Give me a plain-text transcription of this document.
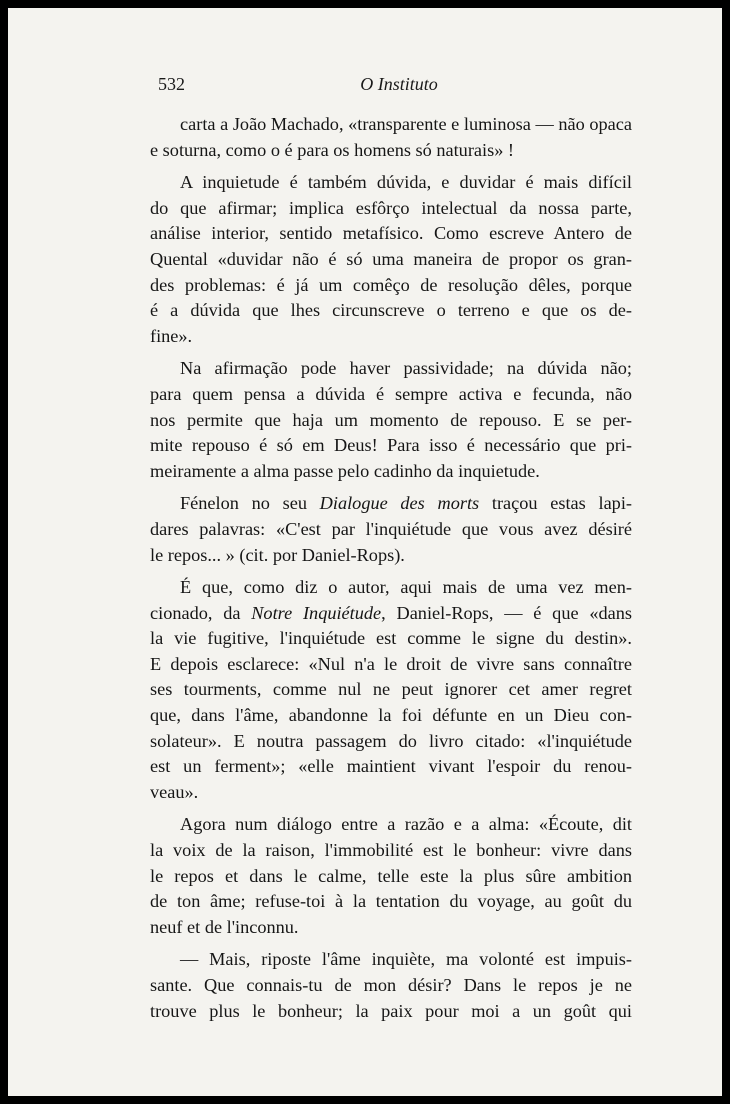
532	O Instituto
carta a João Machado, «transparente e luminosa — não opaca
e soturna, como o é para os homens só naturais» !
A inquietude é também dúvida, e duvidar é mais difícil
do que afirmar; implica esfôrço intelectual da nossa parte,
análise interior, sentido metafísico. Como escreve Antero de
Quental «duvidar não é só uma maneira de propor os gran-
des problemas: é já um comêço de resolução dêles, porque
é a dúvida que lhes circunscreve o terreno e que os de-
fine».
Na afirmação pode haver passividade; na dúvida não;
para quem pensa a dúvida é sempre activa e fecunda, não
nos permite que haja um momento de repouso. E se per-
mite repouso é só em Deus! Para isso é necessário que pri-
meiramente a alma passe pelo cadinho da inquietude.
Fénelon no seu Dialogue des morts traçou estas lapi-
dares palavras: «C'est par l'inquiétude que vous avez désiré
le repos... » (cit. por Daniel-Rops).
É que, como diz o autor, aqui mais de uma vez men-
cionado, da Notre Inquiétude, Daniel-Rops, — é que «dans
la vie fugitive, l'inquiétude est comme le signe du destin».
E depois esclarece: «Nul n'a le droit de vivre sans connaître
ses tourments, comme nul ne peut ignorer cet amer regret
que, dans l'âme, abandonne la foi défunte en un Dieu con-
solateur». E noutra passagem do livro citado: «l'inquiétude
est un ferment»; «elle maintient vivant l'espoir du renou-
veau».
Agora num diálogo entre a razão e a alma: «Écoute, dit
la voix de la raison, l'immobilité est le bonheur: vivre dans
le repos et dans le calme, telle este la plus sûre ambition
de ton âme; refuse-toi à la tentation du voyage, au goût du
neuf et de l'inconnu.
— Mais, riposte l'âme inquiète, ma volonté est impuis-
sante. Que connais-tu de mon désir? Dans le repos je ne
trouve plus le bonheur; la paix pour moi a un goût qui
